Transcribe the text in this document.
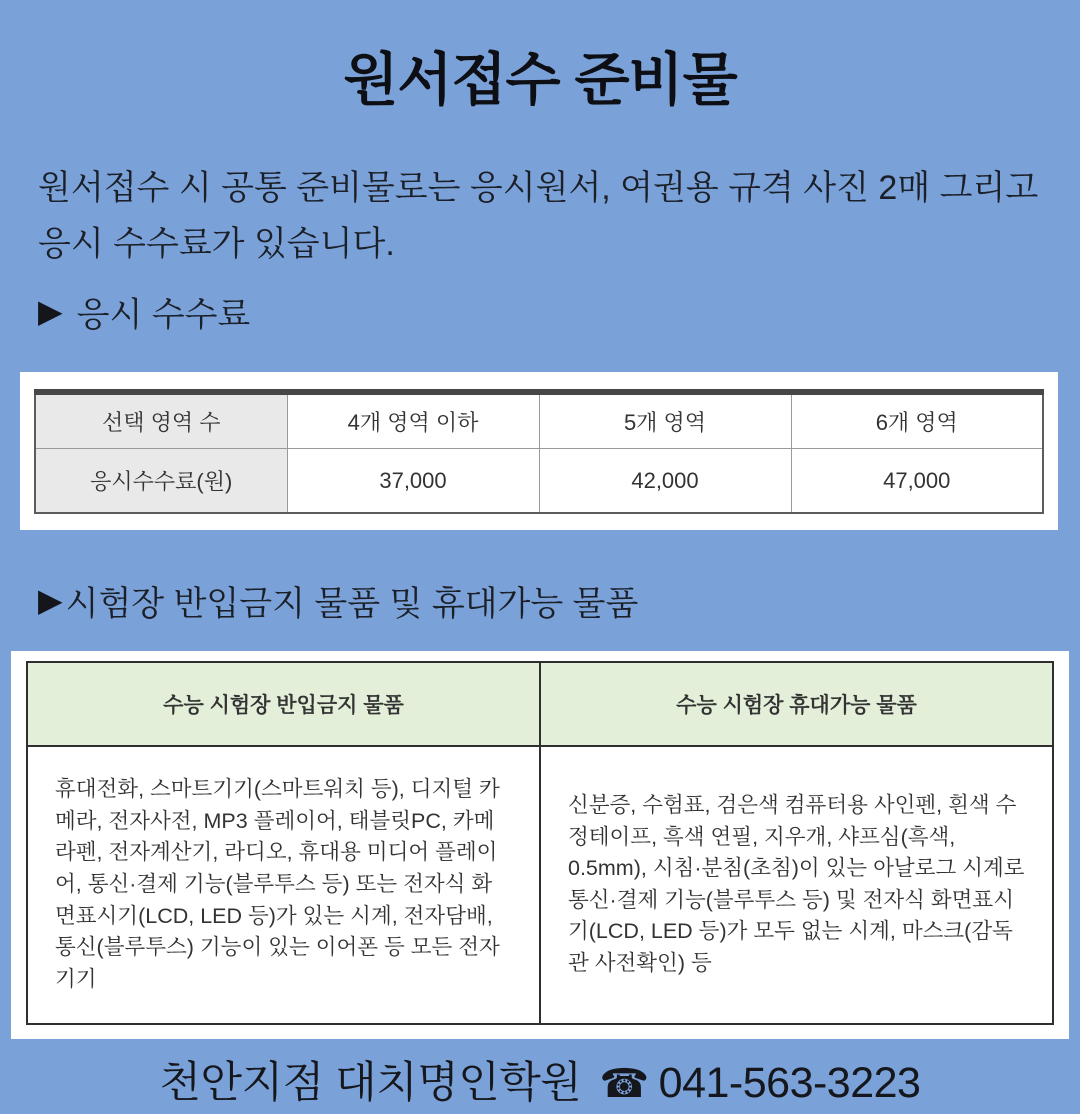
원서접수 준비물

원서접수 시 공통 준비물로는 응시원서, 여권용 규격 사진 2매 그리고 응시 수수료가 있습니다.

▶ 응시 수수료
선택 영역 수	4개 영역 이하	5개 영역	6개 영역
응시수수료(원)	37,000	42,000	47,000
▶ 시험장 반입금지 물품 및 휴대가능 물품
수능 시험장 반입금지 물품	수능 시험장 휴대가능 물품
휴대전화, 스마트기기(스마트워치 등), 디지털 카메라, 전자사전, MP3 플레이어, 태블릿PC, 카메라펜, 전자계산기, 라디오, 휴대용 미디어 플레이어, 통신·결제 기능(블루투스 등) 또는 전자식 화면표시기(LCD, LED 등)가 있는 시계, 전자담배, 통신(블루투스) 기능이 있는 이어폰 등 모든 전자기기	신분증, 수험표, 검은색 컴퓨터용 사인펜, 흰색 수정테이프, 흑색 연필, 지우개, 샤프심(흑색, 0.5mm), 시침·분침(초침)이 있는 아날로그 시계로 통신·결제 기능(블루투스 등) 및 전자식 화면표시기(LCD, LED 등)가 모두 없는 시계, 마스크(감독관 사전확인) 등
천안지점 대치명인학원 ☎ 041-563-3223
